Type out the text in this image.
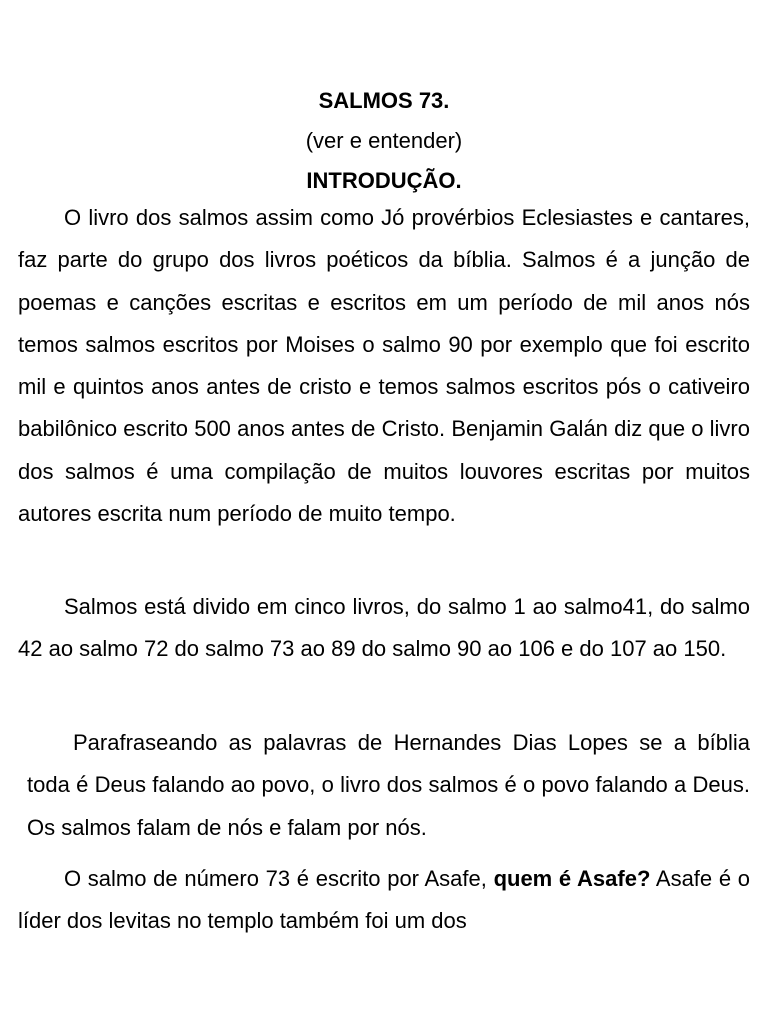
SALMOS 73.
(ver e entender)
INTRODUÇÃO.

O livro dos salmos assim como Jó provérbios Eclesiastes e cantares, faz parte do grupo dos livros poéticos da bíblia. Salmos é a junção de poemas e canções escritas e escritos em um período de mil anos nós temos salmos escritos por Moises o salmo 90 por exemplo que foi escrito mil e quintos anos antes de cristo e temos salmos escritos pós o cativeiro babilônico escrito 500 anos antes de Cristo. Benjamin Galán diz que o livro dos salmos é uma compilação de muitos louvores escritas por muitos autores escrita num período de muito tempo.

Salmos está divido em cinco livros, do salmo 1 ao salmo41, do salmo 42 ao salmo 72 do salmo 73 ao 89 do salmo 90 ao 106 e do 107 ao 150.

Parafraseando as palavras de Hernandes Dias Lopes se a bíblia toda é Deus falando ao povo, o livro dos salmos é o povo falando a Deus. Os salmos falam de nós e falam por nós.

O salmo de número 73 é escrito por Asafe, quem é Asafe? Asafe é o líder dos levitas no templo também foi um dos
